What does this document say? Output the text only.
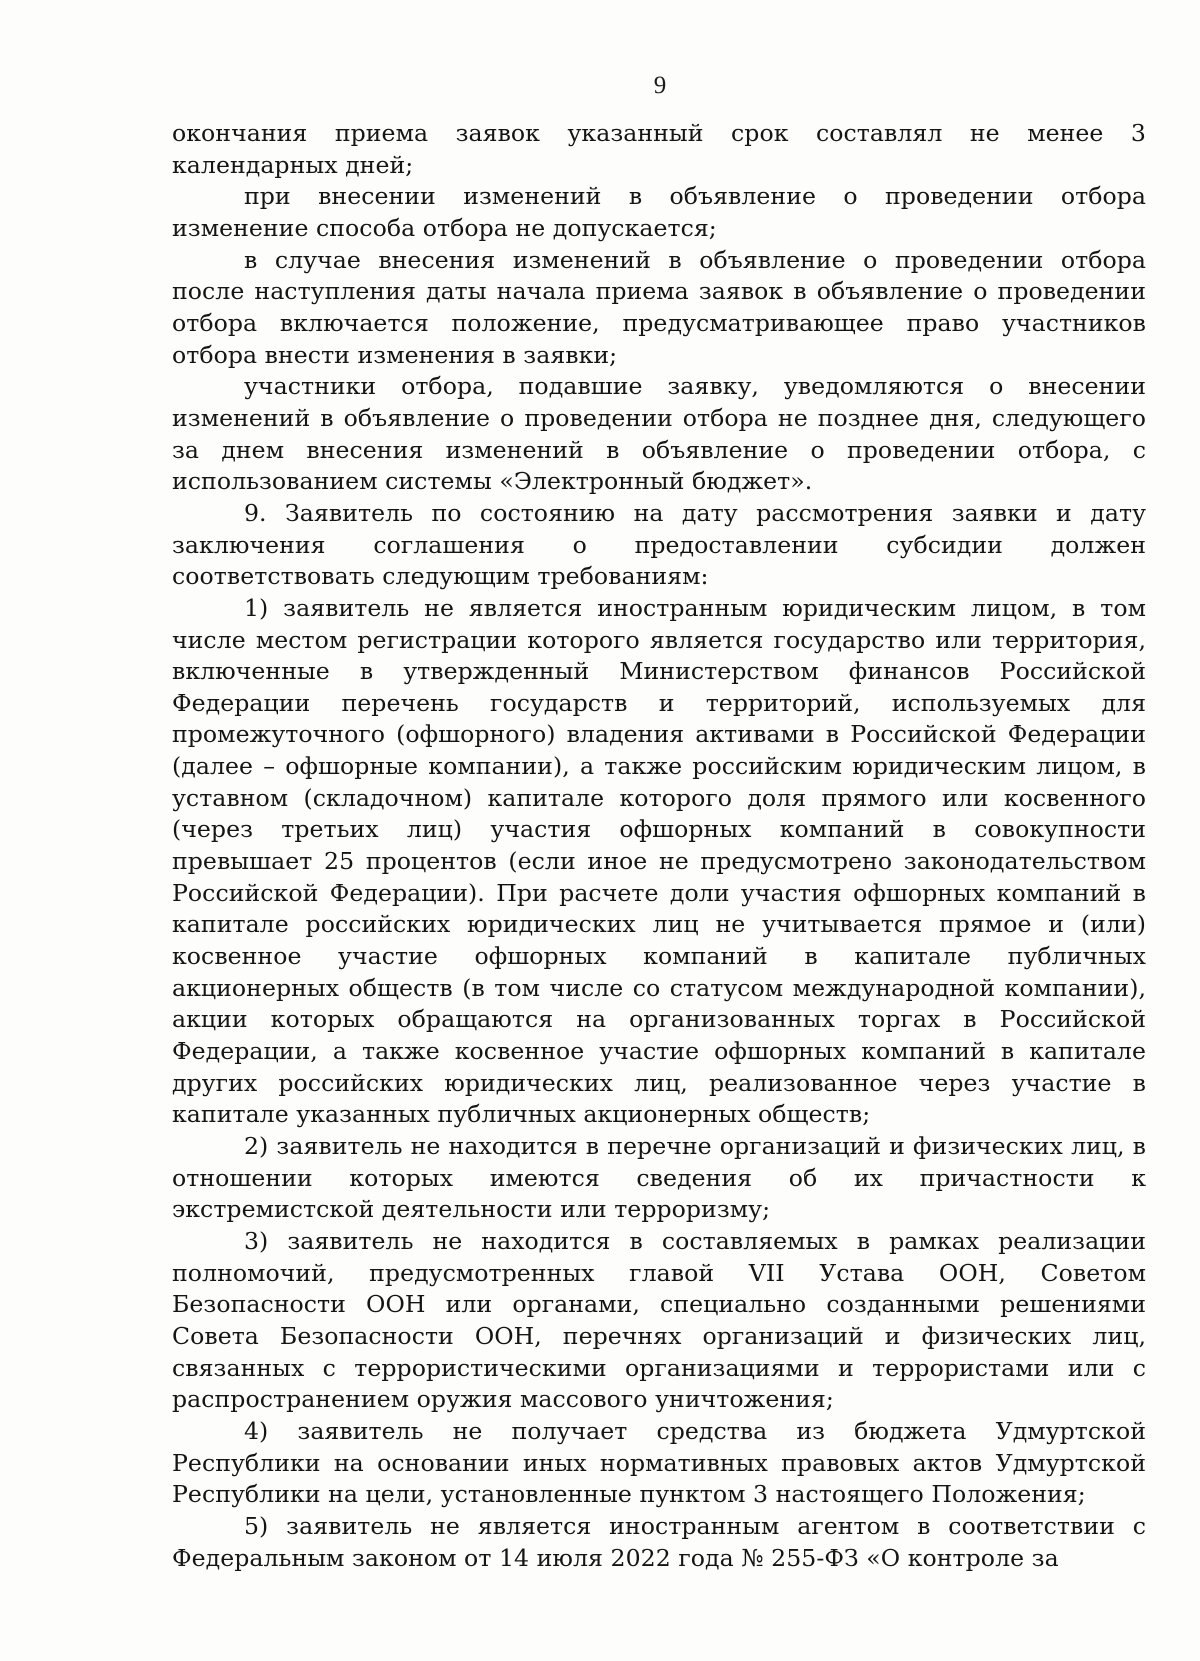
9

окончания приема заявок указанный срок составлял не менее 3 календарных дней;

при внесении изменений в объявление о проведении отбора изменение способа отбора не допускается;

в случае внесения изменений в объявление о проведении отбора после наступления даты начала приема заявок в объявление о проведении отбора включается положение, предусматривающее право участников отбора внести изменения в заявки;

участники отбора, подавшие заявку, уведомляются о внесении изменений в объявление о проведении отбора не позднее дня, следующего за днем внесения изменений в объявление о проведении отбора, с использованием системы «Электронный бюджет».

9. Заявитель по состоянию на дату рассмотрения заявки и дату заключения соглашения о предоставлении субсидии должен соответствовать следующим требованиям:

1) заявитель не является иностранным юридическим лицом, в том числе местом регистрации которого является государство или территория, включенные в утвержденный Министерством финансов Российской Федерации перечень государств и территорий, используемых для промежуточного (офшорного) владения активами в Российской Федерации (далее – офшорные компании), а также российским юридическим лицом, в уставном (складочном) капитале которого доля прямого или косвенного (через третьих лиц) участия офшорных компаний в совокупности превышает 25 процентов (если иное не предусмотрено законодательством Российской Федерации). При расчете доли участия офшорных компаний в капитале российских юридических лиц не учитывается прямое и (или) косвенное участие офшорных компаний в капитале публичных акционерных обществ (в том числе со статусом международной компании), акции которых обращаются на организованных торгах в Российской Федерации, а также косвенное участие офшорных компаний в капитале других российских юридических лиц, реализованное через участие в капитале указанных публичных акционерных обществ;

2) заявитель не находится в перечне организаций и физических лиц, в отношении которых имеются сведения об их причастности к экстремистской деятельности или терроризму;

3) заявитель не находится в составляемых в рамках реализации полномочий, предусмотренных главой VII Устава ООН, Советом Безопасности ООН или органами, специально созданными решениями Совета Безопасности ООН, перечнях организаций и физических лиц, связанных с террористическими организациями и террористами или с распространением оружия массового уничтожения;

4) заявитель не получает средства из бюджета Удмуртской Республики на основании иных нормативных правовых актов Удмуртской Республики на цели, установленные пунктом 3 настоящего Положения;

5) заявитель не является иностранным агентом в соответствии с Федеральным законом от 14 июля 2022 года № 255-ФЗ «О контроле за
